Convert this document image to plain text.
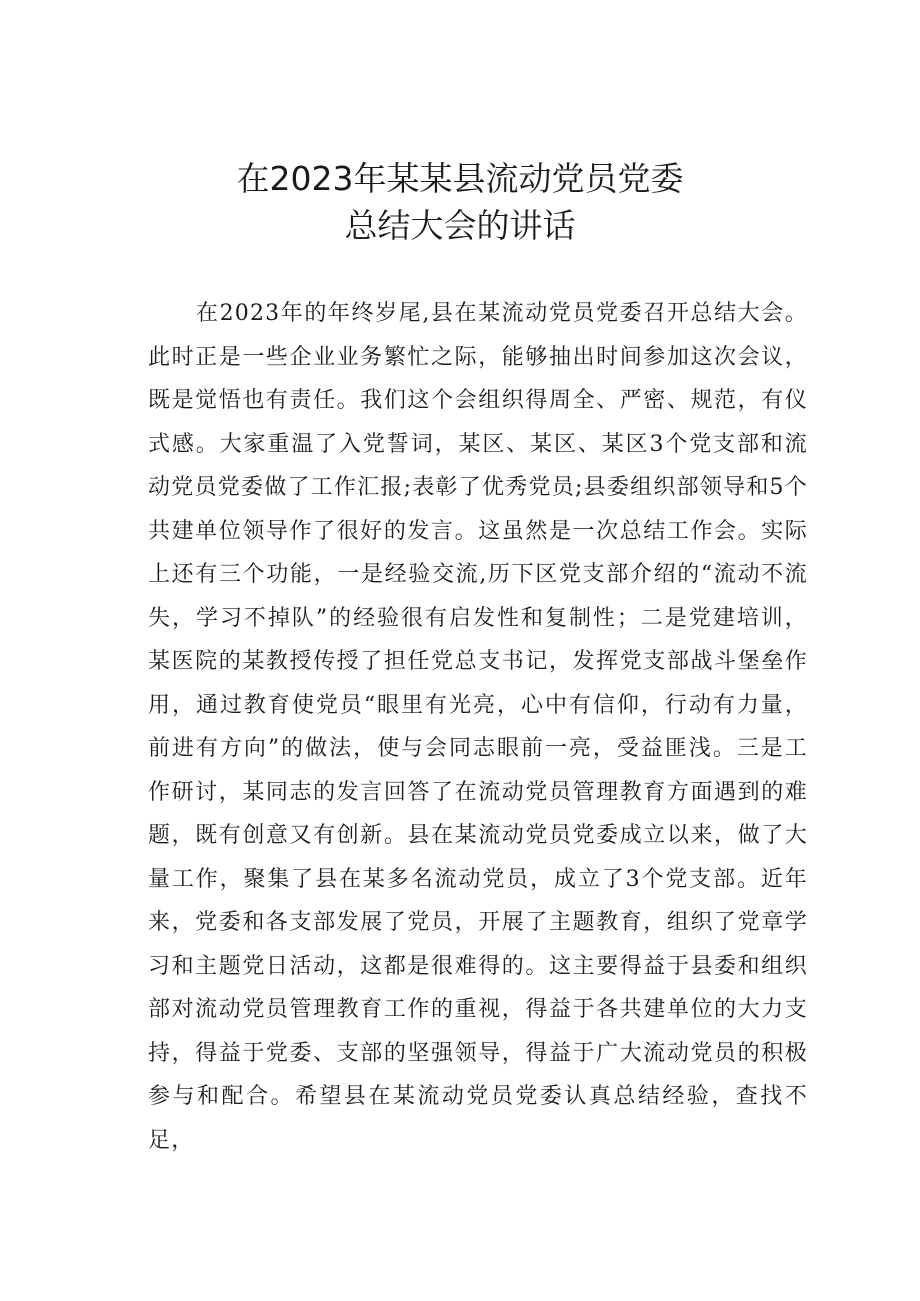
在2023年某某县流动党员党委
总结大会的讲话

在2023年的年终岁尾,县在某流动党员党委召开总结大会。此时正是一些企业业务繁忙之际，能够抽出时间参加这次会议，既是觉悟也有责任。我们这个会组织得周全、严密、规范，有仪式感。大家重温了入党誓词，某区、某区、某区3个党支部和流动党员党委做了工作汇报;表彰了优秀党员;县委组织部领导和5个共建单位领导作了很好的发言。这虽然是一次总结工作会。实际上还有三个功能，一是经验交流,历下区党支部介绍的“流动不流失，学习不掉队”的经验很有启发性和复制性；二是党建培训，某医院的某教授传授了担任党总支书记，发挥党支部战斗堡垒作用，通过教育使党员“眼里有光亮，心中有信仰，行动有力量，前进有方向”的做法，使与会同志眼前一亮，受益匪浅。三是工作研讨，某同志的发言回答了在流动党员管理教育方面遇到的难题，既有创意又有创新。县在某流动党员党委成立以来，做了大量工作，聚集了县在某多名流动党员，成立了3个党支部。近年来，党委和各支部发展了党员，开展了主题教育，组织了党章学习和主题党日活动，这都是很难得的。这主要得益于县委和组织部对流动党员管理教育工作的重视，得益于各共建单位的大力支持，得益于党委、支部的坚强领导，得益于广大流动党员的积极参与和配合。希望县在某流动党员党委认真总结经验，查找不足，
